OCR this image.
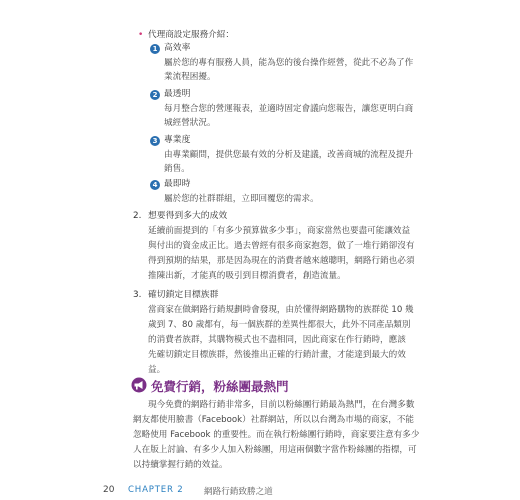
• 代理商設定服務介紹：
1 高效率
屬於您的專有服務人員，能為您的後台操作經營，從此不必為了作
業流程困擾。
2 最透明
每月整合您的營運報表，並適時固定會議向您報告，讓您更明白商
城經營狀況。
3 專業度
由專業顧問，提供您最有效的分析及建議，改善商城的流程及提升
銷售。
4 最即時
屬於您的社群群組，立即回覆您的需求。
2. 想要得到多大的成效
延續前面提到的「有多少預算做多少事」，商家當然也要盡可能讓效益
與付出的資金成正比。過去曾經有很多商家抱怨，做了一堆行銷卻沒有
得到預期的結果，那是因為現在的消費者越來越聰明，網路行銷也必須
推陳出新，才能真的吸引到目標消費者，創造流量。
3. 確切鎖定目標族群
當商家在做網路行銷規劃時會發現，由於懂得網路購物的族群從 10 幾
歲到 7、80 歲都有，每一個族群的差異性都很大，此外不同產品類別
的消費者族群，其購物模式也不盡相同，因此商家在作行銷時，應該
先確切鎖定目標族群，然後推出正確的行銷計畫，才能達到最大的效
益。
免費行銷，粉絲團最熱門
現今免費的網路行銷非常多，目前以粉絲團行銷最為熱門，在台灣多數
網友都使用臉書（Facebook）社群網站，所以以台灣為市場的商家，不能
忽略使用 Facebook 的重要性。而在執行粉絲團行銷時，商家要注意有多少
人在版上討論、有多少人加入粉絲團，用這兩個數字當作粉絲團的指標，可
以持續掌握行銷的效益。
20 CHAPTER 2 網路行銷致勝之道
